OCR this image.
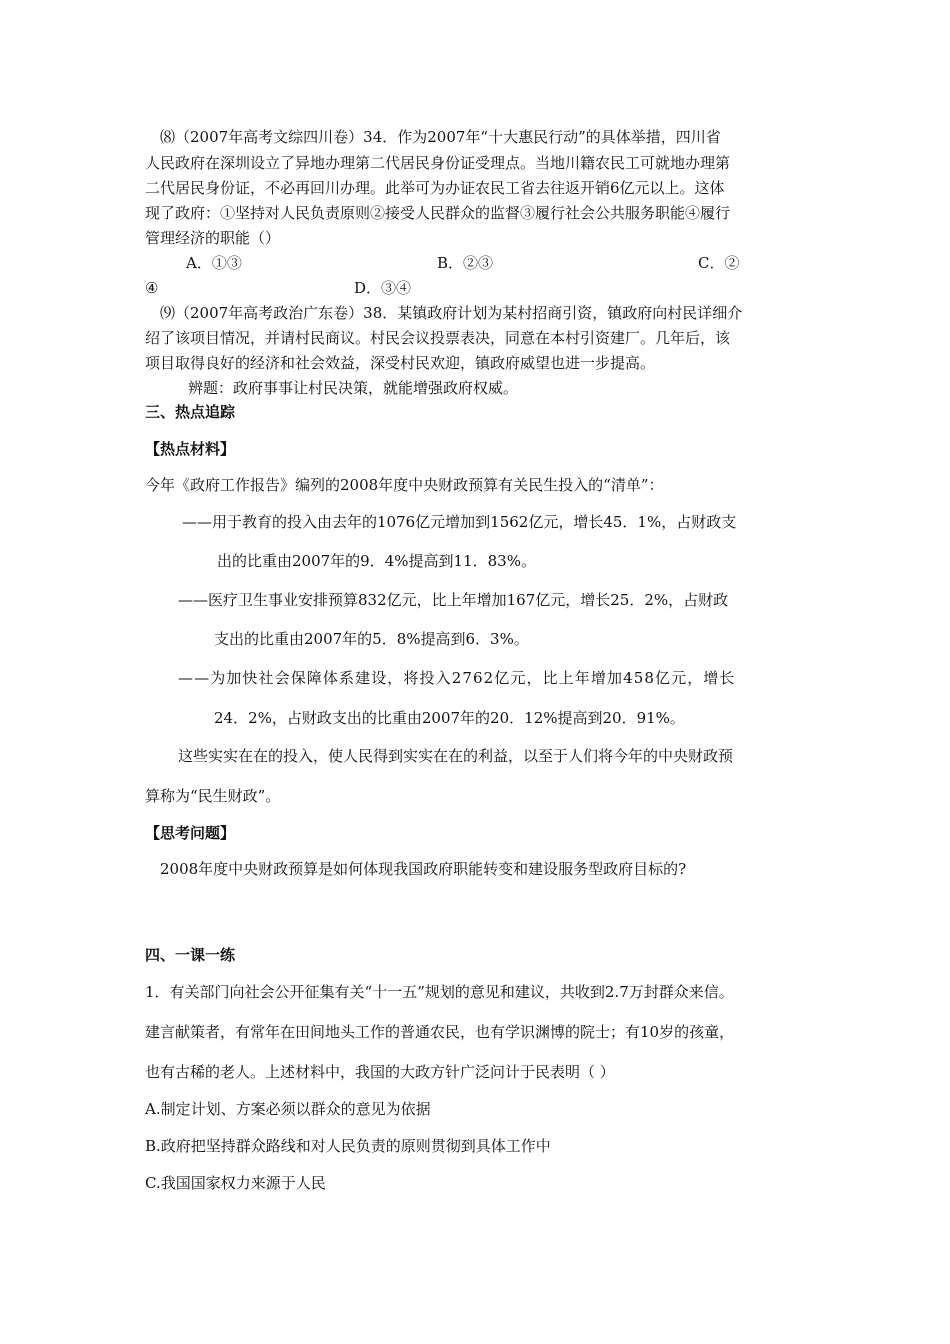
⑻（2007年高考文综四川卷）34．作为2007年“十大惠民行动”的具体举措，四川省
人民政府在深圳设立了异地办理第二代居民身份证受理点。当地川籍农民工可就地办理第
二代居民身份证，不必再回川办理。此举可为办证农民工省去往返开销6亿元以上。这体
现了政府：①坚持对人民负责原则②接受人民群众的监督③履行社会公共服务职能④履行
管理经济的职能（）
A．①③	B．②③	C．②
④	D．③④
⑼（2007年高考政治广东卷）38．某镇政府计划为某村招商引资，镇政府向村民详细介
绍了该项目情况，并请村民商议。村民会议投票表决，同意在本村引资建厂。几年后，该
项目取得良好的经济和社会效益，深受村民欢迎，镇政府威望也进一步提高。
辨题：政府事事让村民决策，就能增强政府权威。
三、热点追踪
【热点材料】
今年《政府工作报告》编列的2008年度中央财政预算有关民生投入的“清单”：
——用于教育的投入由去年的1076亿元增加到1562亿元，增长45．1%，占财政支
出的比重由2007年的9．4%提高到11．83%。
——医疗卫生事业安排预算832亿元，比上年增加167亿元，增长25．2%，占财政
支出的比重由2007年的5．8%提高到6．3%。
——为加快社会保障体系建设，将投入2762亿元，比上年增加458亿元，增长
24．2%，占财政支出的比重由2007年的20．12%提高到20．91%。
这些实实在在的投入，使人民得到实实在在的利益，以至于人们将今年的中央财政预
算称为“民生财政”。
【思考问题】
2008年度中央财政预算是如何体现我国政府职能转变和建设服务型政府目标的?
四、一课一练
1．有关部门向社会公开征集有关“十一五”规划的意见和建议，共收到2.7万封群众来信。
建言献策者，有常年在田间地头工作的普通农民，也有学识渊博的院士；有10岁的孩童，
也有古稀的老人。上述材料中，我国的大政方针广泛问计于民表明（ ）
A.制定计划、方案必须以群众的意见为依据
B.政府把坚持群众路线和对人民负责的原则贯彻到具体工作中
C.我国国家权力来源于人民
